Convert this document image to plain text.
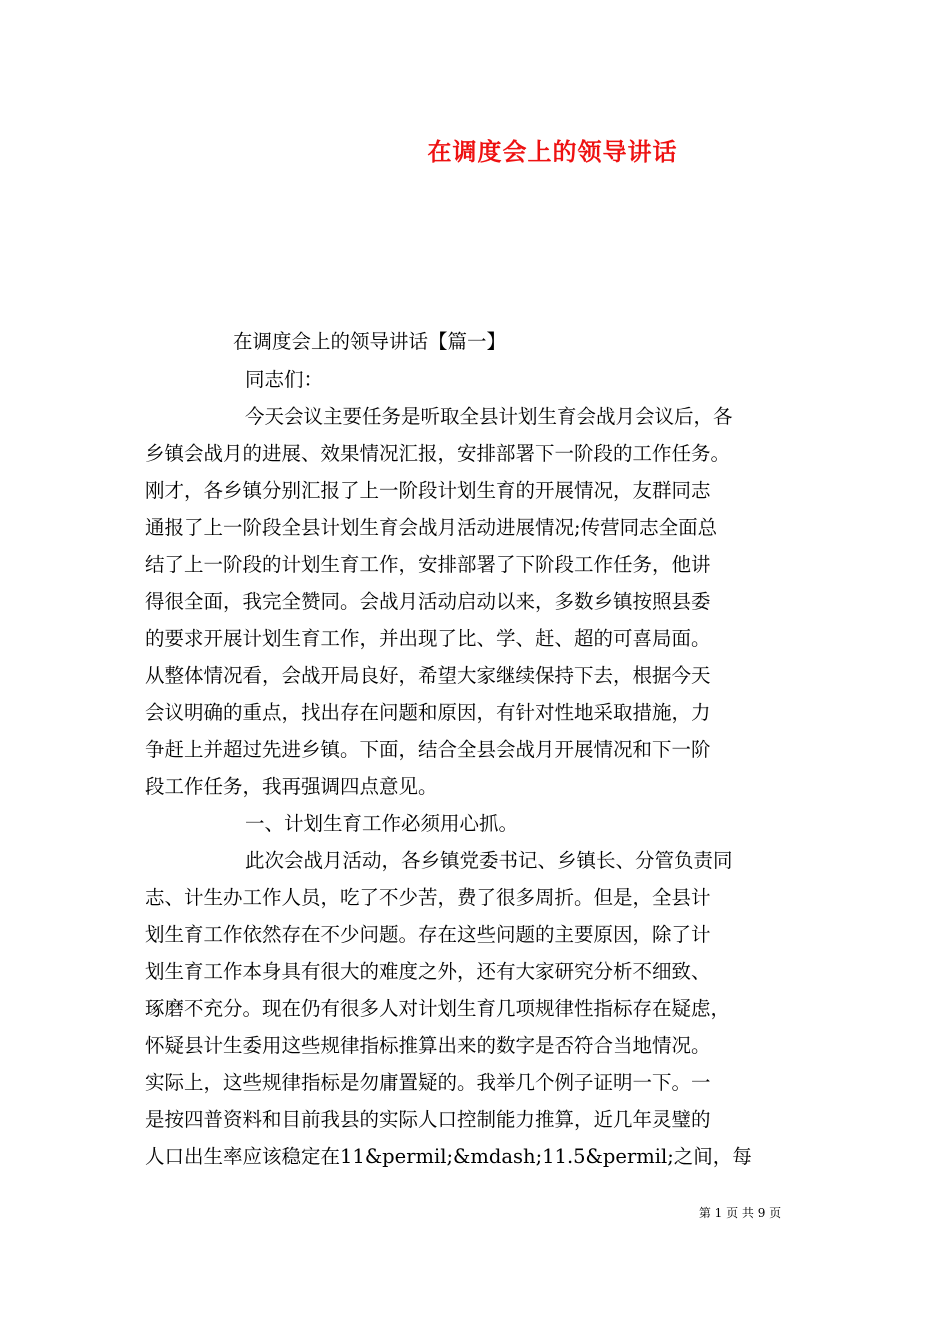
在调度会上的领导讲话
在调度会上的领导讲话【篇一】
同志们：
今天会议主要任务是听取全县计划生育会战月会议后，各
乡镇会战月的进展、效果情况汇报，安排部署下一阶段的工作任务。
刚才，各乡镇分别汇报了上一阶段计划生育的开展情况，友群同志
通报了上一阶段全县计划生育会战月活动进展情况;传营同志全面总
结了上一阶段的计划生育工作，安排部署了下阶段工作任务，他讲
得很全面，我完全赞同。会战月活动启动以来，多数乡镇按照县委
的要求开展计划生育工作，并出现了比、学、赶、超的可喜局面。
从整体情况看，会战开局良好，希望大家继续保持下去，根据今天
会议明确的重点，找出存在问题和原因，有针对性地采取措施，力
争赶上并超过先进乡镇。下面，结合全县会战月开展情况和下一阶
段工作任务，我再强调四点意见。
一、计划生育工作必须用心抓。
此次会战月活动，各乡镇党委书记、乡镇长、分管负责同
志、计生办工作人员，吃了不少苦，费了很多周折。但是，全县计
划生育工作依然存在不少问题。存在这些问题的主要原因，除了计
划生育工作本身具有很大的难度之外，还有大家研究分析不细致、
琢磨不充分。现在仍有很多人对计划生育几项规律性指标存在疑虑，
怀疑县计生委用这些规律指标推算出来的数字是否符合当地情况。
实际上，这些规律指标是勿庸置疑的。我举几个例子证明一下。一
是按四普资料和目前我县的实际人口控制能力推算，近几年灵璧的
人口出生率应该稳定在11&permil;&mdash;11.5&permil;之间，每
第 1 页 共 9 页
